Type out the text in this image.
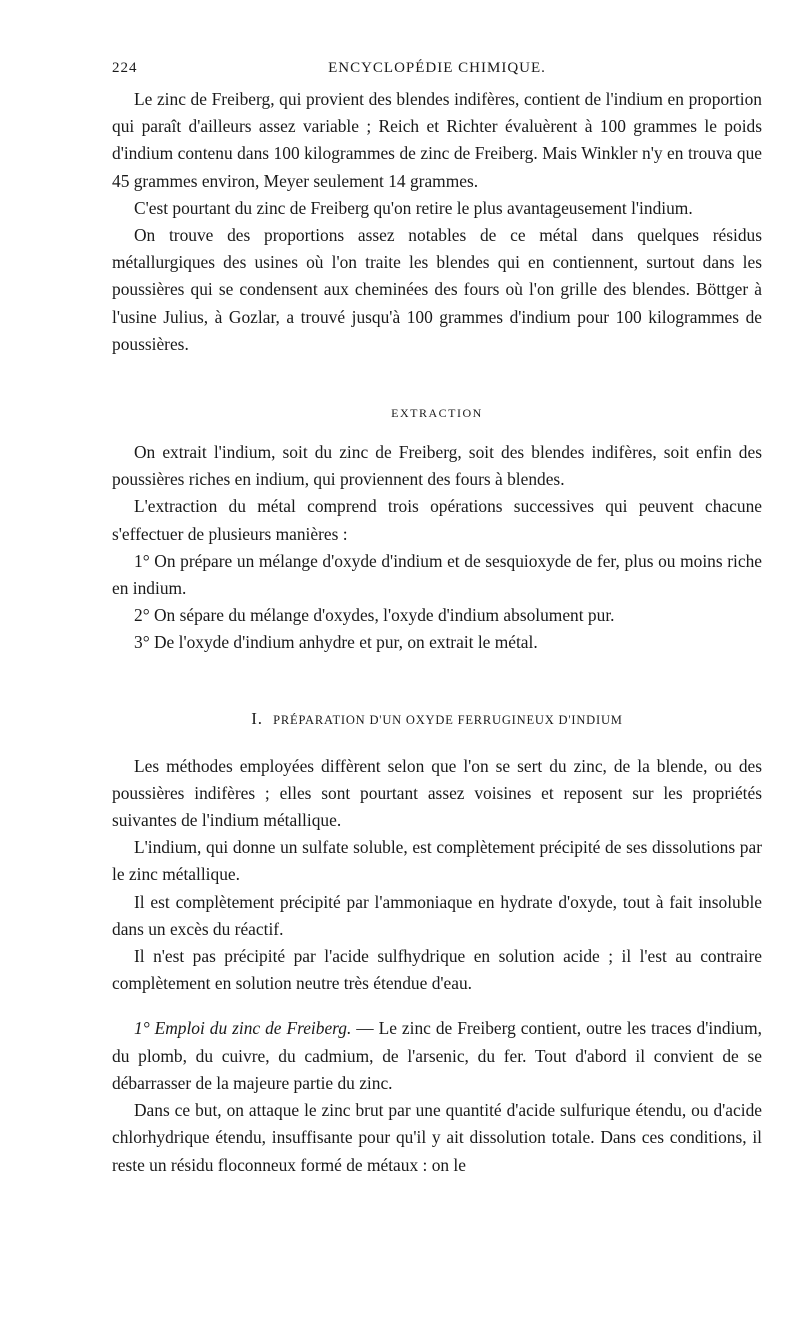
224	ENCYCLOPÉDIE CHIMIQUE.

Le zinc de Freiberg, qui provient des blendes indifères, contient de l'indium en proportion qui paraît d'ailleurs assez variable ; Reich et Richter évaluèrent à 100 grammes le poids d'indium contenu dans 100 kilogrammes de zinc de Freiberg. Mais Winkler n'y en trouva que 45 grammes environ, Meyer seulement 14 grammes.

C'est pourtant du zinc de Freiberg qu'on retire le plus avantageusement l'indium.

On trouve des proportions assez notables de ce métal dans quelques résidus métallurgiques des usines où l'on traite les blendes qui en contiennent, surtout dans les poussières qui se condensent aux cheminées des fours où l'on grille des blendes. Böttger à l'usine Julius, à Gozlar, a trouvé jusqu'à 100 grammes d'indium pour 100 kilogrammes de poussières.

EXTRACTION

On extrait l'indium, soit du zinc de Freiberg, soit des blendes indifères, soit enfin des poussières riches en indium, qui proviennent des fours à blendes.

L'extraction du métal comprend trois opérations successives qui peuvent chacune s'effectuer de plusieurs manières :

1° On prépare un mélange d'oxyde d'indium et de sesquioxyde de fer, plus ou moins riche en indium.

2° On sépare du mélange d'oxydes, l'oxyde d'indium absolument pur.

3° De l'oxyde d'indium anhydre et pur, on extrait le métal.

I. PRÉPARATION D'UN OXYDE FERRUGINEUX D'INDIUM

Les méthodes employées diffèrent selon que l'on se sert du zinc, de la blende, ou des poussières indifères ; elles sont pourtant assez voisines et reposent sur les propriétés suivantes de l'indium métallique.

L'indium, qui donne un sulfate soluble, est complètement précipité de ses dissolutions par le zinc métallique.

Il est complètement précipité par l'ammoniaque en hydrate d'oxyde, tout à fait insoluble dans un excès du réactif.

Il n'est pas précipité par l'acide sulfhydrique en solution acide ; il l'est au contraire complètement en solution neutre très étendue d'eau.

1° Emploi du zinc de Freiberg. — Le zinc de Freiberg contient, outre les traces d'indium, du plomb, du cuivre, du cadmium, de l'arsenic, du fer. Tout d'abord il convient de se débarrasser de la majeure partie du zinc.

Dans ce but, on attaque le zinc brut par une quantité d'acide sulfurique étendu, ou d'acide chlorhydrique étendu, insuffisante pour qu'il y ait dissolution totale. Dans ces conditions, il reste un résidu floconneux formé de métaux : on le
